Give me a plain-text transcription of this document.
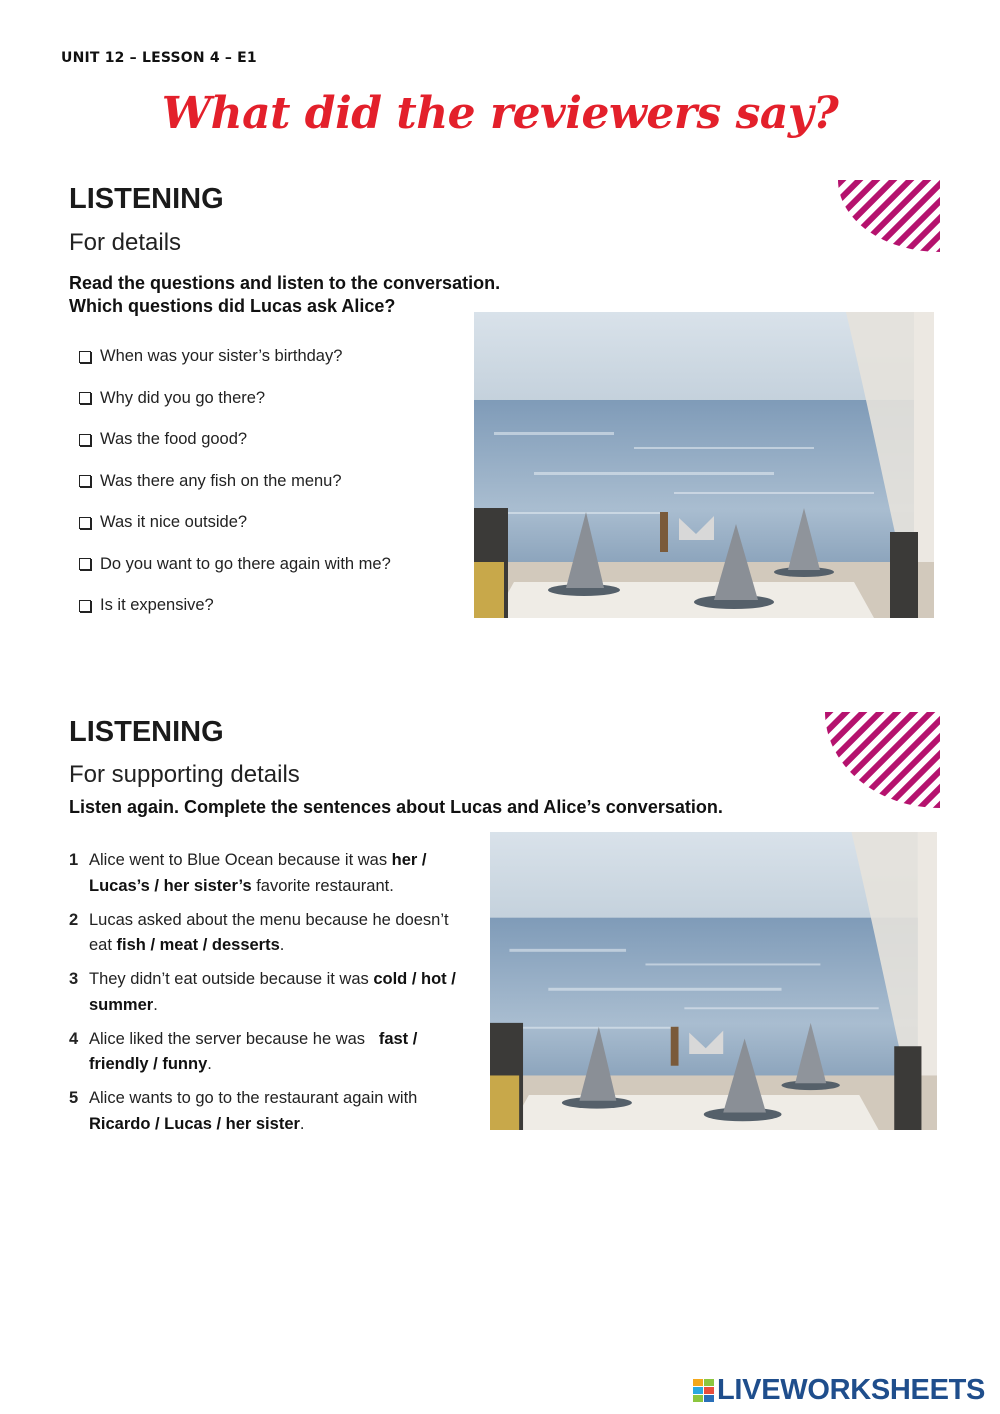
UNIT 12 – LESSON 4 – E1
What did the reviewers say?
LISTENING
For details
Read the questions and listen to the conversation.
Which questions did Lucas ask Alice?
When was your sister’s birthday?
Why did you go there?
Was the food good?
Was there any fish on the menu?
Was it nice outside?
Do you want to go there again with me?
Is it expensive?
LISTENING
For supporting details
Listen again. Complete the sentences about Lucas and Alice’s conversation.
1 Alice went to Blue Ocean because it was her / Lucas’s / her sister’s favorite restaurant.
2 Lucas asked about the menu because he doesn’t eat fish / meat / desserts.
3 They didn’t eat outside because it was cold / hot / summer.
4 Alice liked the server because he was   fast / friendly / funny.
5 Alice wants to go to the restaurant again with Ricardo / Lucas / her sister.
LIVEWORKSHEETS
